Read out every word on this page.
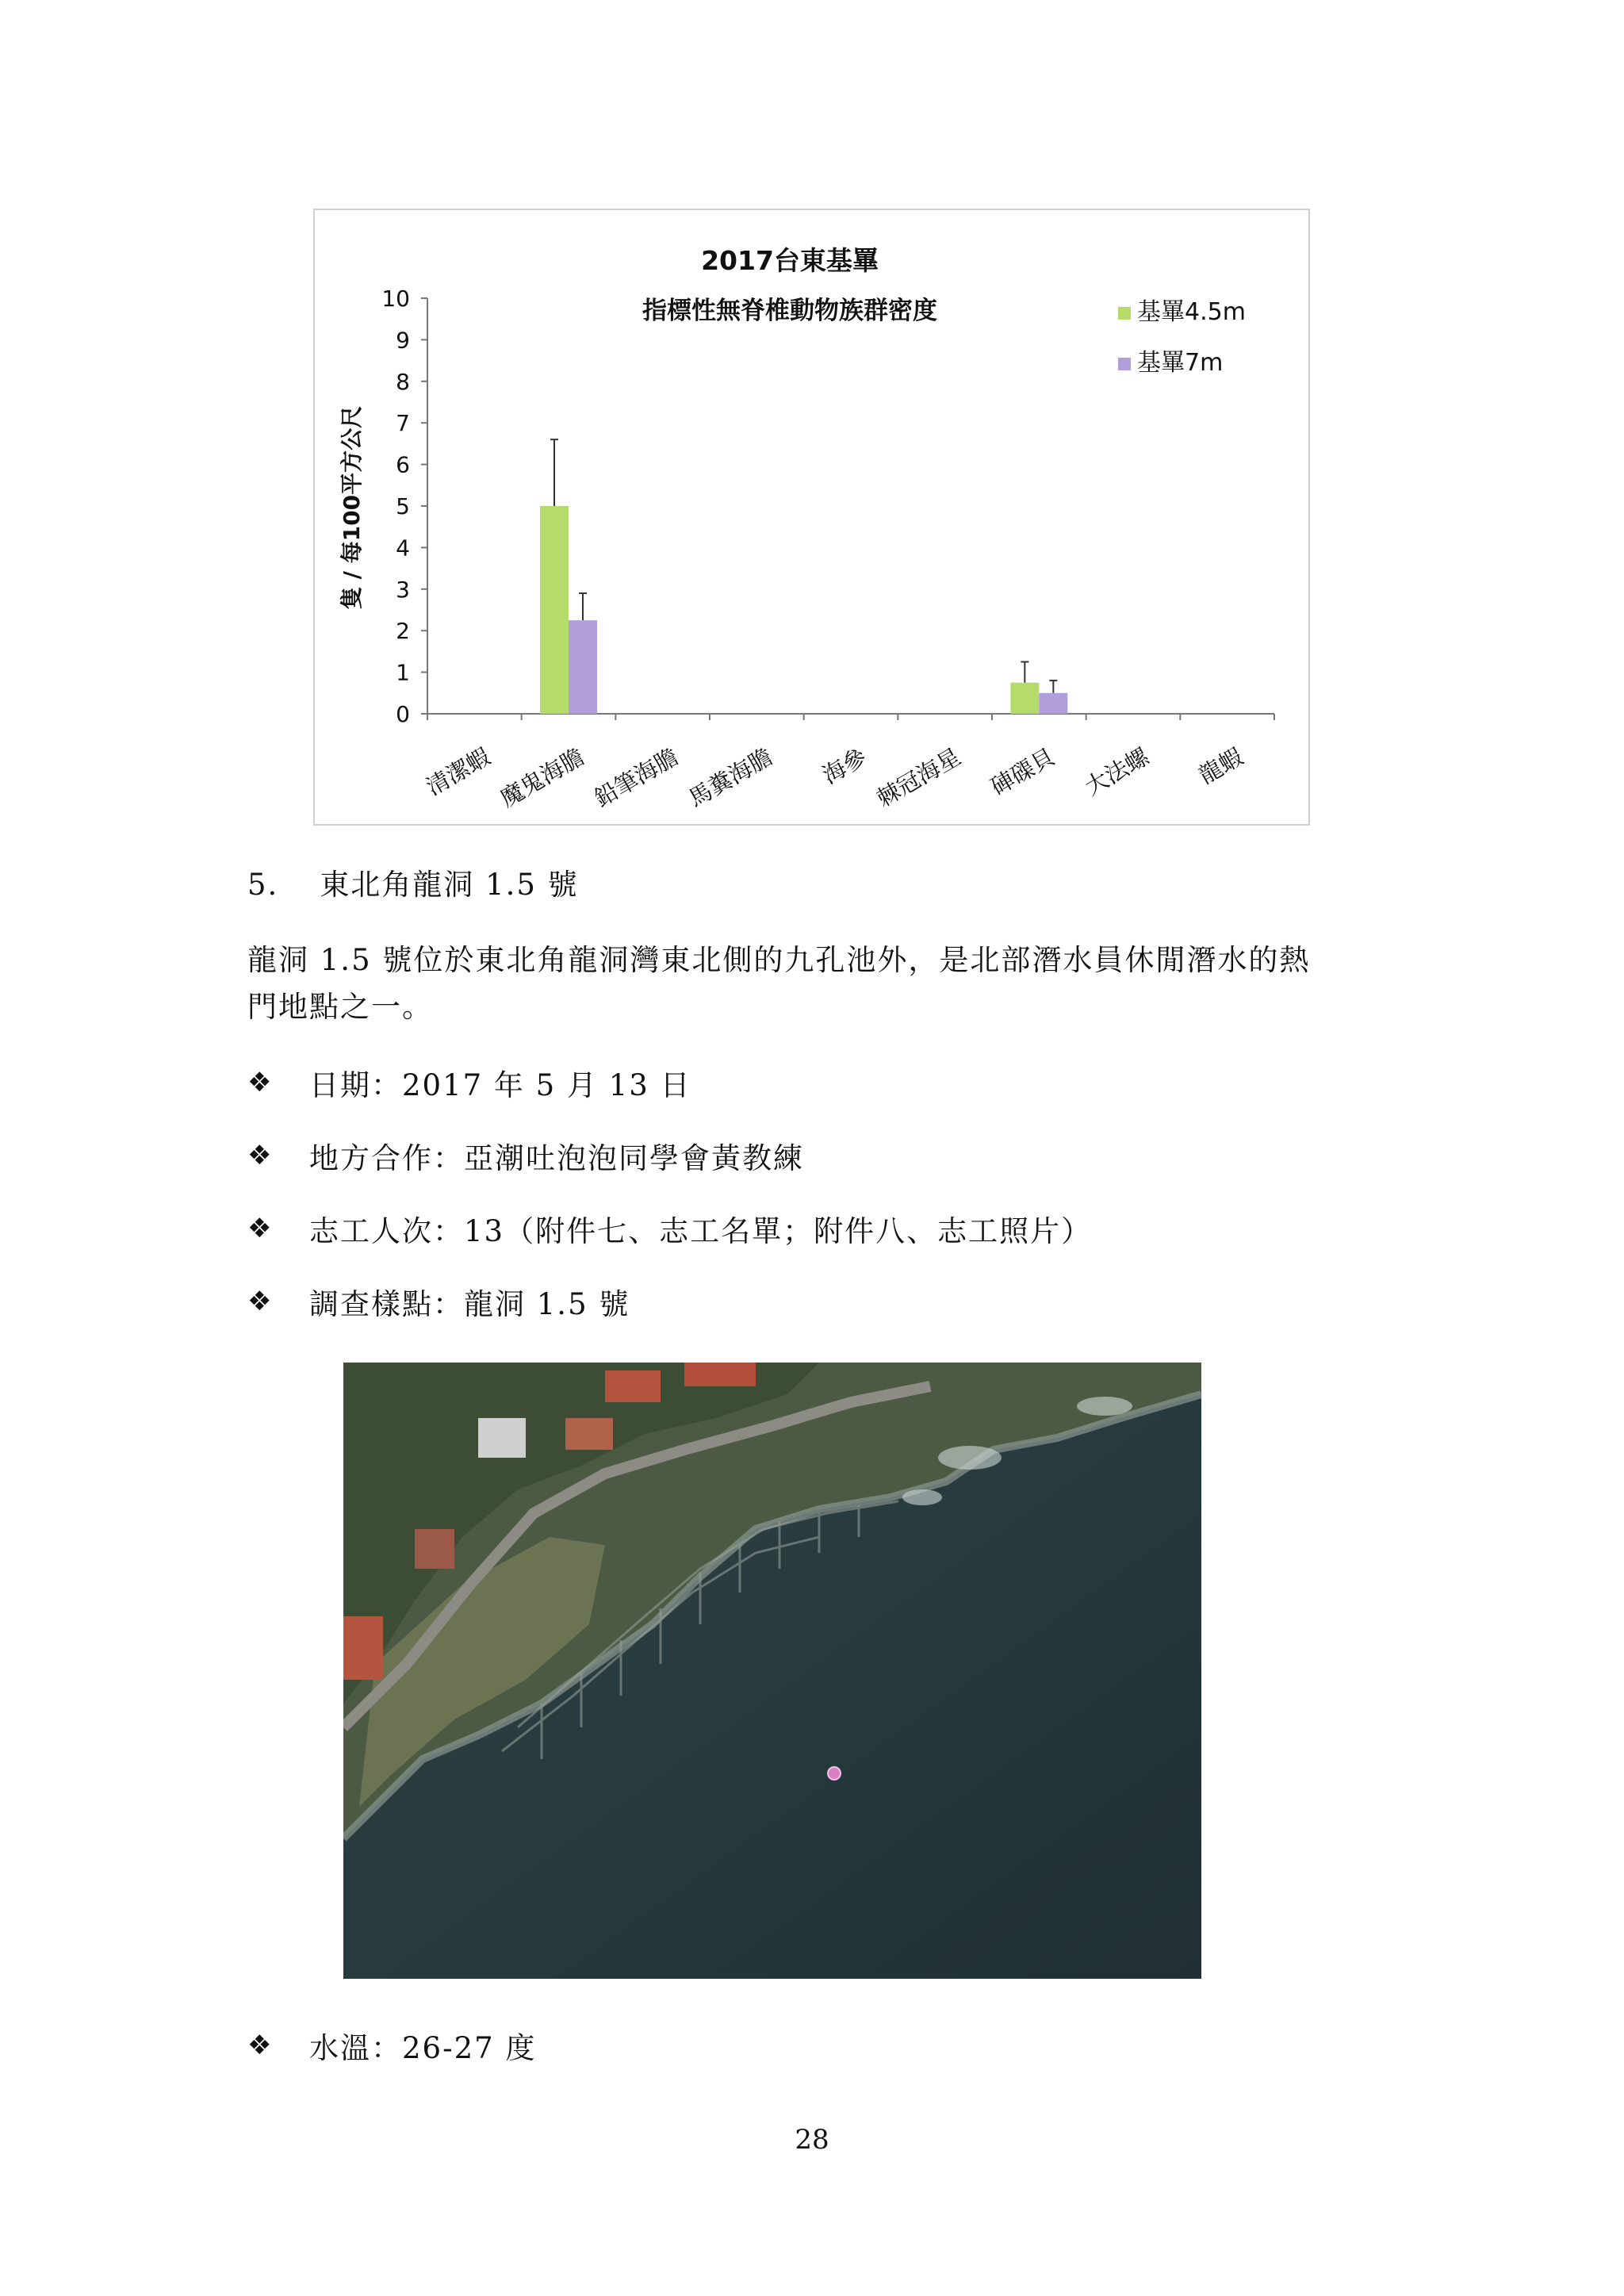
2017台東基罼
指標性無脊椎動物族群密度
隻 / 每100平方公尺
0
1
2
3
4
5
6
7
8
9
10
清潔蝦 魔鬼海膽 鉛筆海膽 馬糞海膽 海參 棘冠海星 硨磲貝 大法螺 龍蝦
基罼4.5m
基罼7m
5. 東北角龍洞 1.5 號
龍洞 1.5 號位於東北角龍洞灣東北側的九孔池外，是北部潛水員休閒潛水的熱
門地點之一。
❖ 日期：2017 年 5 月 13 日
❖ 地方合作：亞潮吐泡泡同學會黃教練
❖ 志工人次：13（附件七、志工名單；附件八、志工照片）
❖ 調查樣點：龍洞 1.5 號
❖ 水溫：26-27 度
28
